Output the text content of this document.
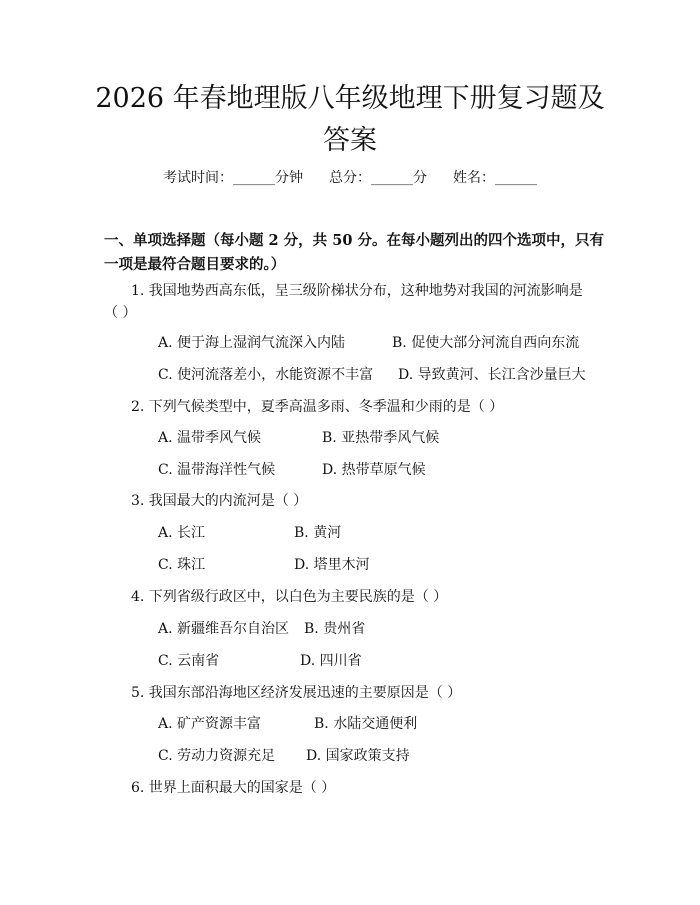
2026 年春地理版八年级地理下册复习题及答案
考试时间：______分钟 总分：______分 姓名：______

一、单项选择题（每小题 2 分，共 50 分。在每小题列出的四个选项中，只有一项是最符合题目要求的。）

1. 我国地势西高东低，呈三级阶梯状分布，这种地势对我国的河流影响是
（ ）
A. 便于海上湿润气流深入内陆	B. 促使大部分河流自西向东流
C. 使河流落差小，水能资源不丰富 D. 导致黄河、长江含沙量巨大
2. 下列气候类型中，夏季高温多雨、冬季温和少雨的是（ ）
A. 温带季风气候	B. 亚热带季风气候
C. 温带海洋性气候	D. 热带草原气候
3. 我国最大的内流河是（ ）
A. 长江	B. 黄河
C. 珠江	D. 塔里木河
4. 下列省级行政区中，以白色为主要民族的是（ ）
A. 新疆维吾尔自治区 B. 贵州省
C. 云南省	D. 四川省
5. 我国东部沿海地区经济发展迅速的主要原因是（ ）
A. 矿产资源丰富	B. 水陆交通便利
C. 劳动力资源充足 D. 国家政策支持
6. 世界上面积最大的国家是（ ）
